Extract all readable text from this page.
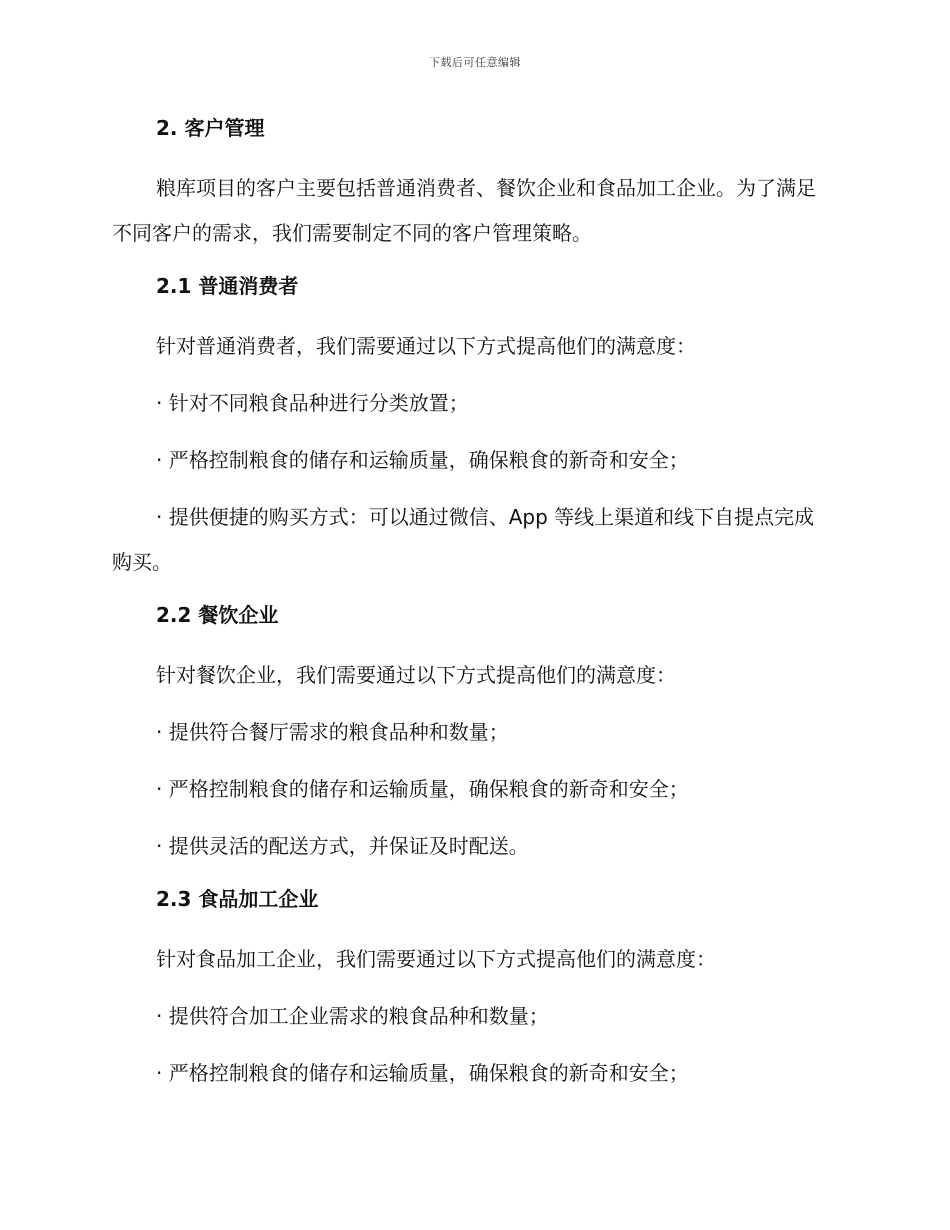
下载后可任意编辑
2. 客户管理

粮库项目的客户主要包括普通消费者、餐饮企业和食品加工企业。为了满足不同客户的需求，我们需要制定不同的客户管理策略。

2.1 普通消费者

针对普通消费者，我们需要通过以下方式提高他们的满意度：

· 针对不同粮食品种进行分类放置；

· 严格控制粮食的储存和运输质量，确保粮食的新奇和安全；

· 提供便捷的购买方式：可以通过微信、App 等线上渠道和线下自提点完成购买。

2.2 餐饮企业

针对餐饮企业，我们需要通过以下方式提高他们的满意度：

· 提供符合餐厅需求的粮食品种和数量；

· 严格控制粮食的储存和运输质量，确保粮食的新奇和安全；

· 提供灵活的配送方式，并保证及时配送。

2.3 食品加工企业

针对食品加工企业，我们需要通过以下方式提高他们的满意度：

· 提供符合加工企业需求的粮食品种和数量；

· 严格控制粮食的储存和运输质量，确保粮食的新奇和安全；
